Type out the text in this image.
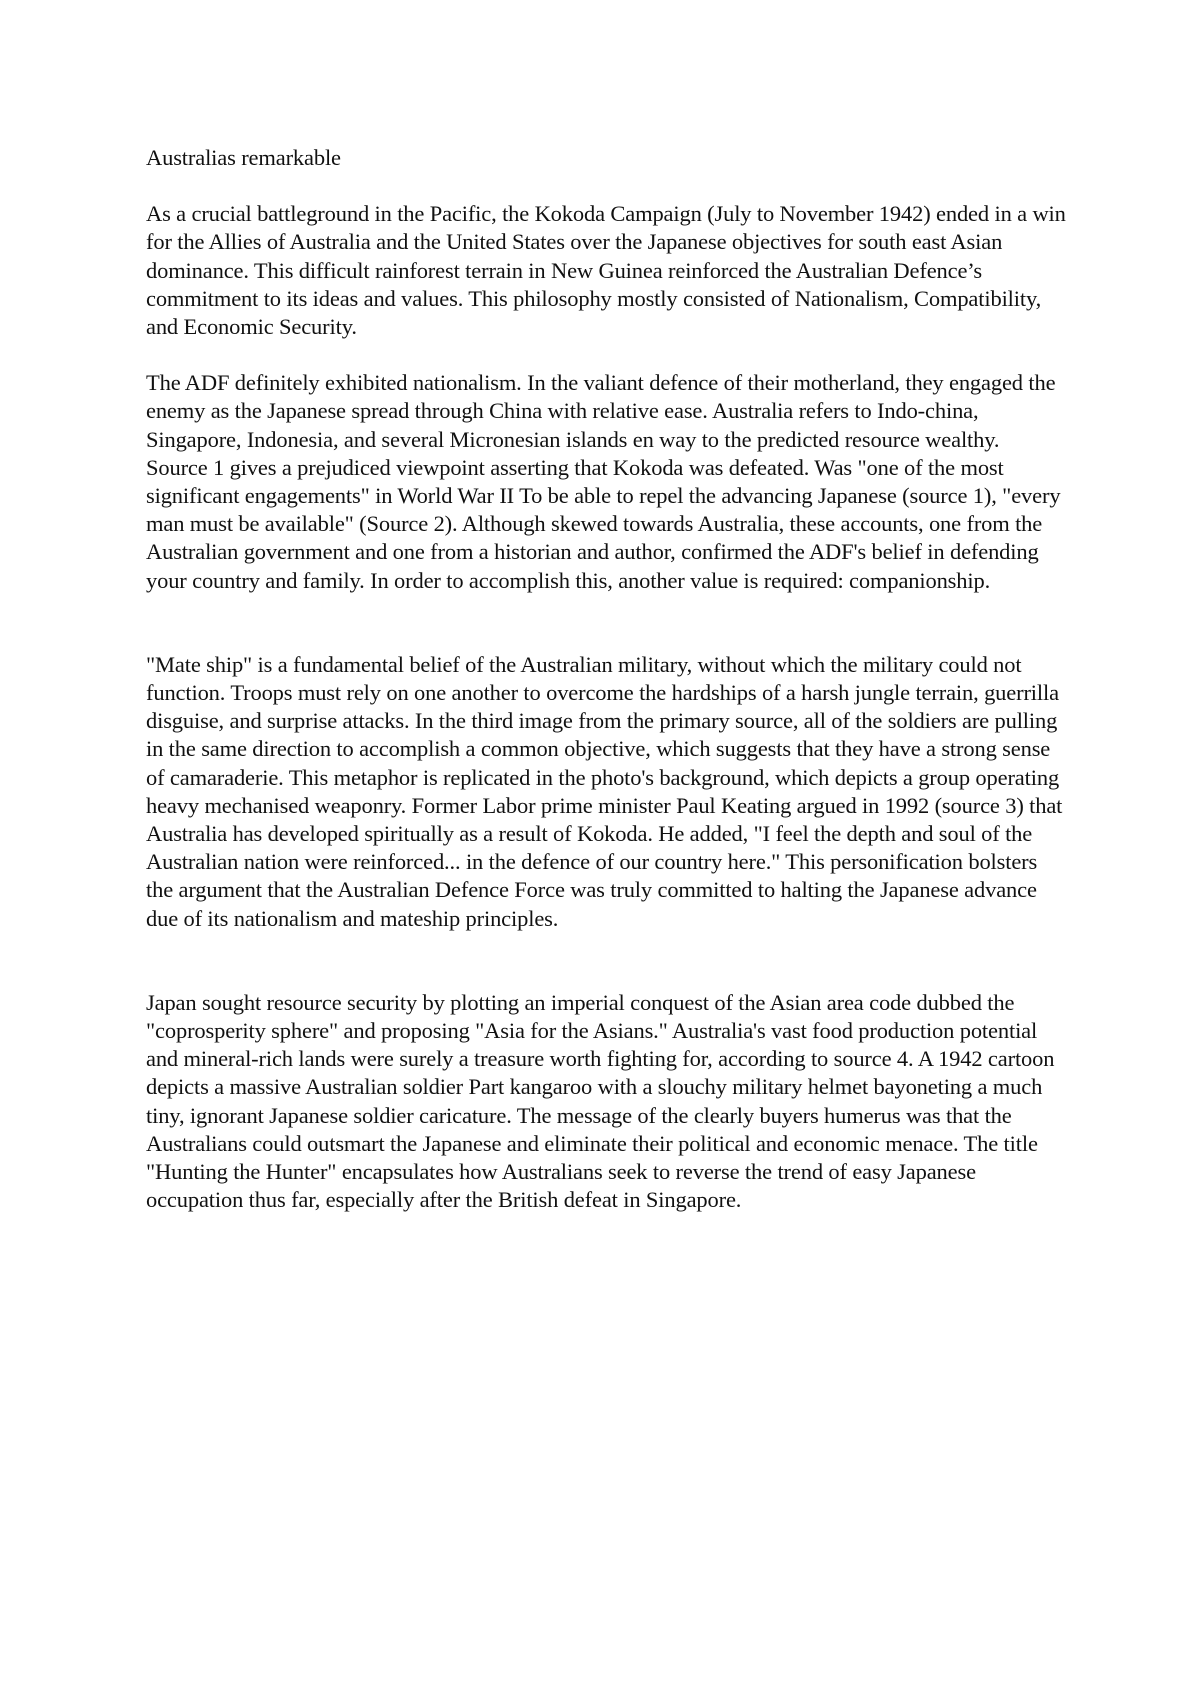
Australias remarkable

As a crucial battleground in the Pacific, the Kokoda Campaign (July to November 1942) ended in a win for the Allies of Australia and the United States over the Japanese objectives for south east Asian dominance. This difficult rainforest terrain in New Guinea reinforced the Australian Defence’s commitment to its ideas and values. This philosophy mostly consisted of Nationalism, Compatibility, and Economic Security.

The ADF definitely exhibited nationalism. In the valiant defence of their motherland, they engaged the enemy as the Japanese spread through China with relative ease. Australia refers to Indo-china, Singapore, Indonesia, and several Micronesian islands en way to the predicted resource wealthy. Source 1 gives a prejudiced viewpoint asserting that Kokoda was defeated. Was "one of the most significant engagements" in World War II To be able to repel the advancing Japanese (source 1), "every man must be available" (Source 2). Although skewed towards Australia, these accounts, one from the Australian government and one from a historian and author, confirmed the ADF's belief in defending your country and family. In order to accomplish this, another value is required: companionship.

"Mate ship" is a fundamental belief of the Australian military, without which the military could not function. Troops must rely on one another to overcome the hardships of a harsh jungle terrain, guerrilla disguise, and surprise attacks. In the third image from the primary source, all of the soldiers are pulling in the same direction to accomplish a common objective, which suggests that they have a strong sense of camaraderie. This metaphor is replicated in the photo's background, which depicts a group operating heavy mechanised weaponry. Former Labor prime minister Paul Keating argued in 1992 (source 3) that Australia has developed spiritually as a result of Kokoda. He added, "I feel the depth and soul of the Australian nation were reinforced... in the defence of our country here." This personification bolsters the argument that the Australian Defence Force was truly committed to halting the Japanese advance due of its nationalism and mateship principles.

Japan sought resource security by plotting an imperial conquest of the Asian area code dubbed the "coprosperity sphere" and proposing "Asia for the Asians." Australia's vast food production potential and mineral-rich lands were surely a treasure worth fighting for, according to source 4. A 1942 cartoon depicts a massive Australian soldier Part kangaroo with a slouchy military helmet bayoneting a much tiny, ignorant Japanese soldier caricature. The message of the clearly buyers humerus was that the Australians could outsmart the Japanese and eliminate their political and economic menace. The title "Hunting the Hunter" encapsulates how Australians seek to reverse the trend of easy Japanese occupation thus far, especially after the British defeat in Singapore.
